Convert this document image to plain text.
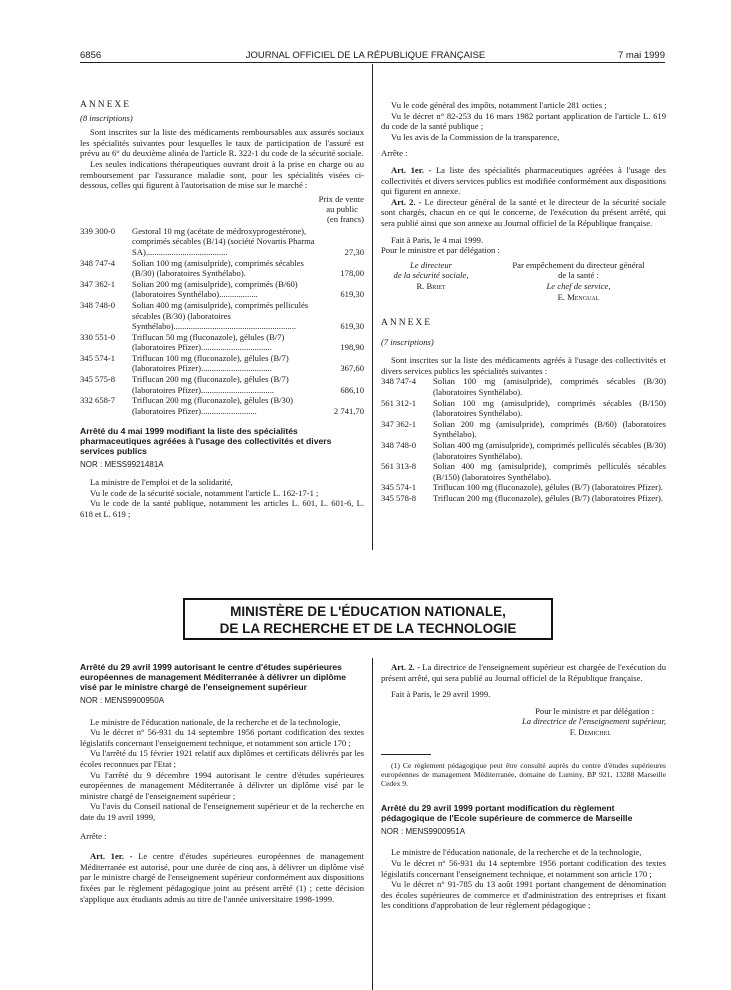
6856	JOURNAL OFFICIEL DE LA RÉPUBLIQUE FRANÇAISE	7 mai 1999

ANNEXE

(8 inscriptions)

Sont inscrites sur la liste des médicaments remboursables aux assurés sociaux les spécialités suivantes pour lesquelles le taux de participation de l'assuré est prévu au 6° du deuxième alinéa de l'article R. 322-1 du code de la sécurité sociale.

Les seules indications thérapeutiques ouvrant droit à la prise en charge ou au remboursement par l'assurance maladie sont, pour les spécialités visées ci-dessous, celles qui figurent à l'autorisation de mise sur le marché :

Prix de vente
au public
(en francs)
339 300-0	Gestoral 10 mg (acétate de médroxyprogestérone), comprimés sécables (B/14) (société Novartis Pharma SA)......................................	27,30
348 747-4	Solian 100 mg (amisulpride), comprimés sécables (B/30) (laboratoires Synthélabo).	178,00
347 362-1	Solian 200 mg (amisulpride), comprimés (B/60) (laboratoires Synthélabo)..................	619,30
348 748-0	Solian 400 mg (amisulpride), comprimés pelliculés sécables (B/30) (laboratoires Synthélabo).........................................................	619,30
330 551-0	Triflucan 50 mg (fluconazole), gélules (B/7) (laboratoires Pfizer).................................	198,90
345 574-1	Triflucan 100 mg (fluconazole), gélules (B/7) (laboratoires Pfizer).................................	367,60
345 575-8	Triflucan 200 mg (fluconazole), gélules (B/7) (laboratoires Pfizer)..................................	686,10
332 658-7	Triflucan 200 mg (fluconazole), gélules (B/30) (laboratoires Pfizer)..........................	2 741,70

Arrêté du 4 mai 1999 modifiant la liste des spécialités pharmaceutiques agréées à l'usage des collectivités et divers services publics

NOR : MESS9921481A

La ministre de l'emploi et de la solidarité,

Vu le code de la sécurité sociale, notamment l'article L. 162-17-1 ;

Vu le code de la santé publique, notamment les articles L. 601, L. 601-6, L. 618 et L. 619 ;

Vu le code général des impôts, notamment l'article 281 octies ;

Vu le décret n° 82-253 du 16 mars 1982 portant application de l'article L. 619 du code de la santé publique ;

Vu les avis de la Commission de la transparence,

Arrête :

Art. 1er. - La liste des spécialités pharmaceutiques agréées à l'usage des collectivités et divers services publics est modifiée conformément aux dispositions qui figurent en annexe.

Art. 2. - Le directeur général de la santé et le directeur de la sécurité sociale sont chargés, chacun en ce qui le concerne, de l'exécution du présent arrêté, qui sera publié ainsi que son annexe au Journal officiel de la République française.

Fait à Paris, le 4 mai 1999.

Pour le ministre et par délégation :

Le directeur
de la sécurité sociale,
R. Briet
Par empêchement du directeur général
de la santé :
Le chef de service,
E. Mengual

ANNEXE

(7 inscriptions)

Sont inscrites sur la liste des médicaments agréés à l'usage des collectivités et divers services publics les spécialités suivantes :

348 747-4	Solian 100 mg (amisulpride), comprimés sécables (B/30) (laboratoires Synthélabo).
561 312-1	Solian 100 mg (amisulpride), comprimés sécables (B/150) (laboratoires Synthélabo).
347 362-1	Solian 200 mg (amisulpride), comprimés (B/60) (laboratoires Synthélabo).
348 748-0	Solian 400 mg (amisulpride), comprimés pelliculés sécables (B/30) (laboratoires Synthélabo).
561 313-8	Solian 400 mg (amisulpride), comprimés pelliculés sécables (B/150) (laboratoires Synthélabo).
345 574-1	Triflucan 100 mg (fluconazole), gélules (B/7) (laboratoires Pfizer).
345 578-8	Triflucan 200 mg (fluconazole), gélules (B/7) (laboratoires Pfizer).
MINISTÈRE DE L'ÉDUCATION NATIONALE,
DE LA RECHERCHE ET DE LA TECHNOLOGIE

Arrêté du 29 avril 1999 autorisant le centre d'études supérieures européennes de management Méditerranée à délivrer un diplôme visé par le ministre chargé de l'enseignement supérieur

NOR : MENS9900950A

Le ministre de l'éducation nationale, de la recherche et de la technologie,

Vu le décret n° 56-931 du 14 septembre 1956 portant codification des textes législatifs concernant l'enseignement technique, et notamment son article 170 ;

Vu l'arrêté du 15 février 1921 relatif aux diplômes et certificats délivrés par les écoles reconnues par l'Etat ;

Vu l'arrêté du 9 décembre 1994 autorisant le centre d'études supérieures européennes de management Méditerranée à délivrer un diplôme visé par le ministre chargé de l'enseignement supérieur ;

Vu l'avis du Conseil national de l'enseignement supérieur et de la recherche en date du 19 avril 1999,

Arrête :

Art. 1er. - Le centre d'études supérieures européennes de management Méditerranée est autorisé, pour une durée de cinq ans, à délivrer un diplôme visé par le ministre chargé de l'enseignement supérieur conformément aux dispositions fixées par le règlement pédagogique joint au présent arrêté (1) ; cette décision s'applique aux étudiants admis au titre de l'année universitaire 1998-1999.

Art. 2. - La directrice de l'enseignement supérieur est chargée de l'exécution du présent arrêté, qui sera publié au Journal officiel de la République française.

Fait à Paris, le 29 avril 1999.

Pour le ministre et par délégation :

La directrice de l'enseignement supérieur,

F. Demichel

(1) Ce règlement pédagogique peut être consulté auprès du centre d'études supérieures européennes de management Méditerranée, domaine de Luminy, BP 921, 13288 Marseille Cedex 9.

Arrêté du 29 avril 1999 portant modification du règlement pédagogique de l'Ecole supérieure de commerce de Marseille

NOR : MENS9900951A

Le ministre de l'éducation nationale, de la recherche et de la technologie,

Vu le décret n° 56-931 du 14 septembre 1956 portant codification des textes législatifs concernant l'enseignement technique, et notamment son article 170 ;

Vu le décret n° 91-785 du 13 août 1991 portant changement de dénomination des écoles supérieures de commerce et d'administration des entreprises et fixant les conditions d'approbation de leur règlement pédagogique ;
